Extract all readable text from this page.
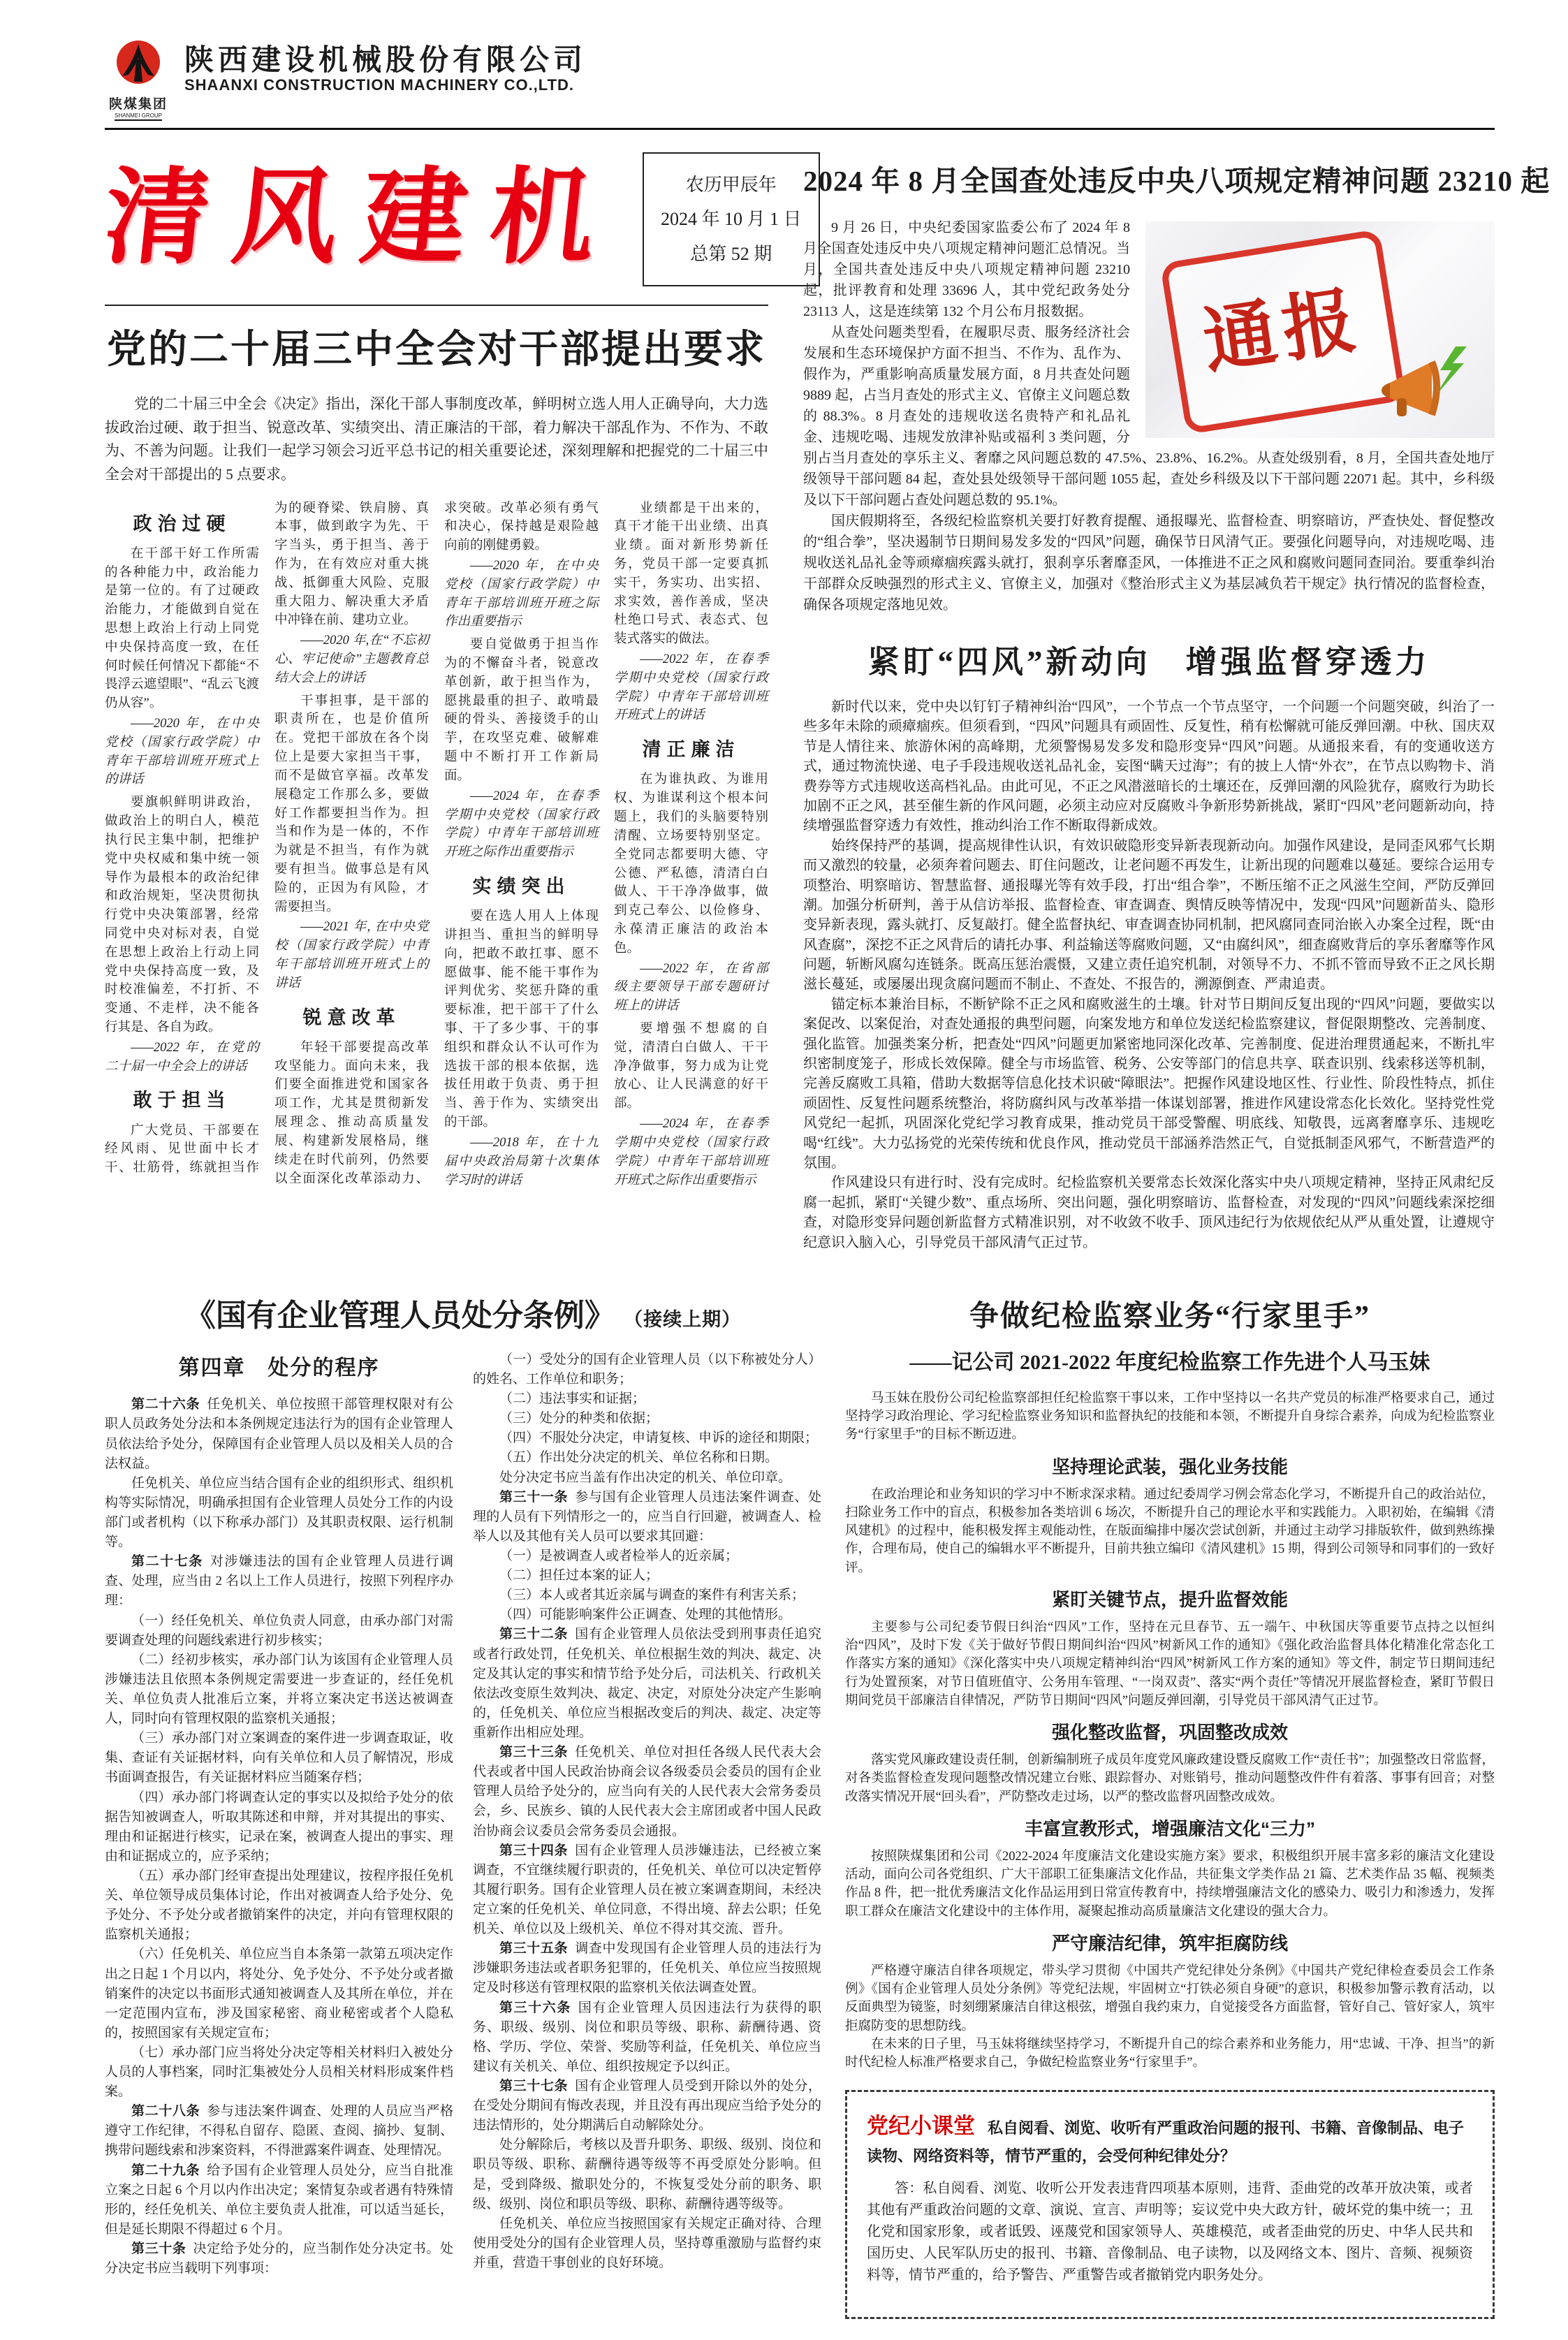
陕煤集团
SHANMEI GROUP
陕西建设机械股份有限公司
SHAANXI CONSTRUCTION MACHINERY CO.,LTD.
清风建机	农历甲辰年
2024 年 10 月 1 日
总第 52 期
党的二十届三中全会对干部提出要求

党的二十届三中全会《决定》指出，深化干部人事制度改革，鲜明树立选人用人正确导向，大力选拔政治过硬、敢于担当、锐意改革、实绩突出、清正廉洁的干部，着力解决干部乱作为、不作为、不敢为、不善为问题。让我们一起学习领会习近平总书记的相关重要论述，深刻理解和把握党的二十届三中全会对干部提出的 5 点要求。

政治过硬

在干部干好工作所需的各种能力中，政治能力是第一位的。有了过硬政治能力，才能做到自觉在思想上政治上行动上同党中央保持高度一致，在任何时候任何情况下都能“不畏浮云遮望眼”、“乱云飞渡仍从容”。

——2020 年，在中央党校（国家行政学院）中青年干部培训班开班式上的讲话

要旗帜鲜明讲政治，做政治上的明白人，模范执行民主集中制，把维护党中央权威和集中统一领导作为最根本的政治纪律和政治规矩，坚决贯彻执行党中央决策部署，经常同党中央对标对表，自觉在思想上政治上行动上同党中央保持高度一致，及时校准偏差，不打折、不变通、不走样，决不能各行其是、各自为政。

——2022 年，在党的二十届一中全会上的讲话

敢于担当

广大党员、干部要在经风雨、见世面中长才干、壮筋骨，练就担当作为的硬脊梁、铁肩膀、真本事，做到敢字为先、干字当头，勇于担当、善于作为，在有效应对重大挑战、抵御重大风险、克服重大阻力、解决重大矛盾中冲锋在前、建功立业。

——2020 年,在“不忘初心、牢记使命”主题教育总结大会上的讲话

干事担事，是干部的职责所在，也是价值所在。党把干部放在各个岗位上是要大家担当干事，而不是做官享福。改革发展稳定工作那么多，要做好工作都要担当作为。担当和作为是一体的，不作为就是不担当，有作为就要有担当。做事总是有风险的，正因为有风险，才需要担当。

——2021 年, 在中央党校（国家行政学院）中青年干部培训班开班式上的讲话

锐意改革

年轻干部要提高改革攻坚能力。面向未来，我们要全面推进党和国家各项工作，尤其是贯彻新发展理念、推动高质量发展、构建新发展格局，继续走在时代前列，仍然要以全面深化改革添动力、求突破。改革必须有勇气和决心，保持越是艰险越向前的刚健勇毅。

——2020 年，在中央党校（国家行政学院）中青年干部培训班开班之际作出重要指示

要自觉做勇于担当作为的不懈奋斗者，锐意改革创新，敢于担当作为，愿挑最重的担子、敢啃最硬的骨头、善接烫手的山芋，在攻坚克难、破解难题中不断打开工作新局面。

——2024 年，在春季学期中央党校（国家行政学院）中青年干部培训班开班之际作出重要指示

实绩突出

要在选人用人上体现讲担当、重担当的鲜明导向，把敢不敢扛事、愿不愿做事、能不能干事作为评判优劣、奖惩升降的重要标准，把干部干了什么事、干了多少事、干的事组织和群众认不认可作为选拔干部的根本依据，选拔任用敢于负责、勇于担当、善于作为、实绩突出的干部。

——2018 年，在十九届中央政治局第十次集体学习时的讲话

业绩都是干出来的，真干才能干出业绩、出真业绩。面对新形势新任务，党员干部一定要真抓实干，务实功、出实招、求实效，善作善成，坚决杜绝口号式、表态式、包装式落实的做法。

——2022 年，在春季学期中央党校（国家行政学院）中青年干部培训班开班式上的讲话

清正廉洁

在为谁执政、为谁用权、为谁谋利这个根本问题上，我们的头脑要特别清醒、立场要特别坚定。全党同志都要明大德、守公德、严私德，清清白白做人、干干净净做事，做到克己奉公、以俭修身、永葆清正廉洁的政治本色。

——2022 年，在省部级主要领导干部专题研讨班上的讲话

要增强不想腐的自觉，清清白白做人、干干净净做事，努力成为让党放心、让人民满意的好干部。

——2024 年，在春季学期中央党校（国家行政学院）中青年干部培训班开班式之际作出重要指示

2024 年 8 月全国查处违反中央八项规定精神问题 23210 起
通报

9 月 26 日，中央纪委国家监委公布了 2024 年 8 月全国查处违反中央八项规定精神问题汇总情况。当月，全国共查处违反中央八项规定精神问题 23210 起，批评教育和处理 33696 人，其中党纪政务处分 23113 人，这是连续第 132 个月公布月报数据。

从查处问题类型看，在履职尽责、服务经济社会发展和生态环境保护方面不担当、不作为、乱作为、假作为，严重影响高质量发展方面，8 月共查处问题 9889 起，占当月查处的形式主义、官僚主义问题总数的 88.3%。8 月查处的违规收送名贵特产和礼品礼金、违规吃喝、违规发放津补贴或福利 3 类问题，分别占当月查处的享乐主义、奢靡之风问题总数的 47.5%、23.8%、16.2%。从查处级别看，8 月，全国共查处地厅级领导干部问题 84 起，查处县处级领导干部问题 1055 起，查处乡科级及以下干部问题 22071 起。其中，乡科级及以下干部问题占查处问题总数的 95.1%。

国庆假期将至，各级纪检监察机关要打好教育提醒、通报曝光、监督检查、明察暗访，严查快处、督促整改的“组合拳”，坚决遏制节日期间易发多发的“四风”问题，确保节日风清气正。要强化问题导向，对违规吃喝、违规收送礼品礼金等顽瘴痼疾露头就打，狠刹享乐奢靡歪风，一体推进不正之风和腐败问题同查同治。要重拳纠治干部群众反映强烈的形式主义、官僚主义，加强对《整治形式主义为基层减负若干规定》执行情况的监督检查，确保各项规定落地见效。

紧盯“四风”新动向　增强监督穿透力

新时代以来，党中央以钉钉子精神纠治“四风”，一个节点一个节点坚守，一个问题一个问题突破，纠治了一些多年未除的顽瘴痼疾。但须看到，“四风”问题具有顽固性、反复性，稍有松懈就可能反弹回潮。中秋、国庆双节是人情往来、旅游休闲的高峰期，尤须警惕易发多发和隐形变异“四风”问题。从通报来看，有的变通收送方式，通过物流快递、电子手段违规收送礼品礼金，妄图“瞒天过海”；有的披上人情“外衣”，在节点以购物卡、消费券等方式违规收送高档礼品。由此可见，不正之风潜滋暗长的土壤还在，反弹回潮的风险犹存，腐败行为助长加剧不正之风，甚至催生新的作风问题，必须主动应对反腐败斗争新形势新挑战，紧盯“四风”老问题新动向，持续增强监督穿透力有效性，推动纠治工作不断取得新成效。

始终保持严的基调，提高规律性认识，有效识破隐形变异新表现新动向。加强作风建设，是同歪风邪气长期而又激烈的较量，必须奔着问题去、盯住问题改，让老问题不再发生，让新出现的问题难以蔓延。要综合运用专项整治、明察暗访、智慧监督、通报曝光等有效手段，打出“组合拳”，不断压缩不正之风滋生空间，严防反弹回潮。加强分析研判，善于从信访举报、监督检查、审查调查、舆情反映等情况中，发现“四风”问题新苗头、隐形变异新表现，露头就打、反复敲打。健全监督执纪、审查调查协同机制，把风腐同查同治嵌入办案全过程，既“由风查腐”，深挖不正之风背后的请托办事、利益输送等腐败问题，又“由腐纠风”，细查腐败背后的享乐奢靡等作风问题，斩断风腐勾连链条。既高压惩治震慑，又建立责任追究机制，对领导不力、不抓不管而导致不正之风长期滋长蔓延，或屡屡出现贪腐问题而不制止、不查处、不报告的，溯源倒查、严肃追责。

锚定标本兼治目标，不断铲除不正之风和腐败滋生的土壤。针对节日期间反复出现的“四风”问题，要做实以案促改、以案促治，对查处通报的典型问题，向案发地方和单位发送纪检监察建议，督促限期整改、完善制度、强化监管。加强类案分析，把查处“四风”问题更加紧密地同深化改革、完善制度、促进治理贯通起来，不断扎牢织密制度笼子，形成长效保障。健全与市场监管、税务、公安等部门的信息共享、联查识别、线索移送等机制，完善反腐败工具箱，借助大数据等信息化技术识破“障眼法”。把握作风建设地区性、行业性、阶段性特点，抓住顽固性、反复性问题系统整治，将防腐纠风与改革举措一体谋划部署，推进作风建设常态化长效化。坚持党性党风党纪一起抓，巩固深化党纪学习教育成果，推动党员干部受警醒、明底线、知敬畏，远离奢靡享乐、违规吃喝“红线”。大力弘扬党的光荣传统和优良作风，推动党员干部涵养浩然正气，自觉抵制歪风邪气，不断营造严的氛围。

作风建设只有进行时、没有完成时。纪检监察机关要常态长效深化落实中央八项规定精神，坚持正风肃纪反腐一起抓，紧盯“关键少数”、重点场所、突出问题，强化明察暗访、监督检查，对发现的“四风”问题线索深挖细查，对隐形变异问题创新监督方式精准识别，对不收敛不收手、顶风违纪行为依规依纪从严从重处置，让遵规守纪意识入脑入心，引导党员干部风清气正过节。

《国有企业管理人员处分条例》 （接续上期）

第四章　处分的程序

第二十六条 任免机关、单位按照干部管理权限对有公职人员政务处分法和本条例规定违法行为的国有企业管理人员依法给予处分，保障国有企业管理人员以及相关人员的合法权益。

任免机关、单位应当结合国有企业的组织形式、组织机构等实际情况，明确承担国有企业管理人员处分工作的内设部门或者机构（以下称承办部门）及其职责权限、运行机制等。

第二十七条 对涉嫌违法的国有企业管理人员进行调查、处理，应当由 2 名以上工作人员进行，按照下列程序办理：

（一）经任免机关、单位负责人同意，由承办部门对需要调查处理的问题线索进行初步核实；

（二）经初步核实，承办部门认为该国有企业管理人员涉嫌违法且依照本条例规定需要进一步查证的，经任免机关、单位负责人批准后立案，并将立案决定书送达被调查人，同时向有管理权限的监察机关通报；

（三）承办部门对立案调查的案件进一步调查取证，收集、查证有关证据材料，向有关单位和人员了解情况，形成书面调查报告，有关证据材料应当随案存档；

（四）承办部门将调查认定的事实以及拟给予处分的依据告知被调查人，听取其陈述和申辩，并对其提出的事实、理由和证据进行核实，记录在案，被调查人提出的事实、理由和证据成立的，应予采纳；

（五）承办部门经审查提出处理建议，按程序报任免机关、单位领导成员集体讨论，作出对被调查人给予处分、免予处分、不予处分或者撤销案件的决定，并向有管理权限的监察机关通报；

（六）任免机关、单位应当自本条第一款第五项决定作出之日起 1 个月以内，将处分、免予处分、不予处分或者撤销案件的决定以书面形式通知被调查人及其所在单位，并在一定范围内宣布，涉及国家秘密、商业秘密或者个人隐私的，按照国家有关规定宣布；

（七）承办部门应当将处分决定等相关材料归入被处分人员的人事档案，同时汇集被处分人员相关材料形成案件档案。

第二十八条 参与违法案件调查、处理的人员应当严格遵守工作纪律，不得私自留存、隐匿、查阅、摘抄、复制、携带问题线索和涉案资料，不得泄露案件调查、处理情况。

第二十九条 给予国有企业管理人员处分，应当自批准立案之日起 6 个月以内作出决定；案情复杂或者遇有特殊情形的，经任免机关、单位主要负责人批准，可以适当延长，但是延长期限不得超过 6 个月。

第三十条 决定给予处分的，应当制作处分决定书。处分决定书应当载明下列事项：

（一）受处分的国有企业管理人员（以下称被处分人）的姓名、工作单位和职务；

（二）违法事实和证据；

（三）处分的种类和依据；

（四）不服处分决定，申请复核、申诉的途径和期限；

（五）作出处分决定的机关、单位名称和日期。

处分决定书应当盖有作出决定的机关、单位印章。

第三十一条 参与国有企业管理人员违法案件调查、处理的人员有下列情形之一的，应当自行回避，被调查人、检举人以及其他有关人员可以要求其回避：

（一）是被调查人或者检举人的近亲属；

（二）担任过本案的证人；

（三）本人或者其近亲属与调查的案件有利害关系；

（四）可能影响案件公正调查、处理的其他情形。

第三十二条 国有企业管理人员依法受到刑事责任追究或者行政处罚，任免机关、单位根据生效的判决、裁定、决定及其认定的事实和情节给予处分后，司法机关、行政机关依法改变原生效判决、裁定、决定，对原处分决定产生影响的，任免机关、单位应当根据改变后的判决、裁定、决定等重新作出相应处理。

第三十三条 任免机关、单位对担任各级人民代表大会代表或者中国人民政治协商会议各级委员会委员的国有企业管理人员给予处分的，应当向有关的人民代表大会常务委员会，乡、民族乡、镇的人民代表大会主席团或者中国人民政治协商会议委员会常务委员会通报。

第三十四条 国有企业管理人员涉嫌违法，已经被立案调查，不宜继续履行职责的，任免机关、单位可以决定暂停其履行职务。国有企业管理人员在被立案调查期间，未经决定立案的任免机关、单位同意，不得出境、辞去公职；任免机关、单位以及上级机关、单位不得对其交流、晋升。

第三十五条 调查中发现国有企业管理人员的违法行为涉嫌职务违法或者职务犯罪的，任免机关、单位应当按照规定及时移送有管理权限的监察机关依法调查处置。

第三十六条 国有企业管理人员因违法行为获得的职务、职级、级别、岗位和职员等级、职称、薪酬待遇、资格、学历、学位、荣誉、奖励等利益，任免机关、单位应当建议有关机关、单位、组织按规定予以纠正。

第三十七条 国有企业管理人员受到开除以外的处分，在受处分期间有悔改表现，并且没有再出现应当给予处分的违法情形的，处分期满后自动解除处分。

处分解除后，考核以及晋升职务、职级、级别、岗位和职员等级、职称、薪酬待遇等级等不再受原处分影响。但是，受到降级、撤职处分的，不恢复受处分前的职务、职级、级别、岗位和职员等级、职称、薪酬待遇等级等。

任免机关、单位应当按照国家有关规定正确对待、合理使用受处分的国有企业管理人员，坚持尊重激励与监督约束并重，营造干事创业的良好环境。

争做纪检监察业务“行家里手”
——记公司 2021-2022 年度纪检监察工作先进个人马玉妹

马玉妹在股份公司纪检监察部担任纪检监察干事以来，工作中坚持以一名共产党员的标准严格要求自己，通过坚持学习政治理论、学习纪检监察业务知识和监督执纪的技能和本领，不断提升自身综合素养，向成为纪检监察业务“行家里手”的目标不断迈进。

坚持理论武装，强化业务技能

在政治理论和业务知识的学习中不断求深求精。通过纪委周学习例会常态化学习，不断提升自己的政治站位，扫除业务工作中的盲点，积极参加各类培训 6 场次，不断提升自己的理论水平和实践能力。入职初始，在编辑《清风建机》的过程中，能积极发挥主观能动性，在版面编排中屡次尝试创新，并通过主动学习排版软件，做到熟练操作，合理布局，使自己的编辑水平不断提升，目前共独立编印《清风建机》15 期，得到公司领导和同事们的一致好评。

紧盯关键节点，提升监督效能

主要参与公司纪委节假日纠治“四风”工作，坚持在元旦春节、五一端午、中秋国庆等重要节点持之以恒纠治“四风”，及时下发《关于做好节假日期间纠治“四风”树新风工作的通知》《强化政治监督具体化精准化常态化工作落实方案的通知》《深化落实中央八项规定精神纠治“四风”树新风工作方案的通知》等文件，制定节日期间违纪行为处置预案，对节日值班值守、公务用车管理、“一岗双责”、落实“两个责任”等情况开展监督检查，紧盯节假日期间党员干部廉洁自律情况，严防节日期间“四风”问题反弹回潮，引导党员干部风清气正过节。

强化整改监督，巩固整改成效

落实党风廉政建设责任制，创新编制班子成员年度党风廉政建设暨反腐败工作“责任书”；加强整改日常监督，对各类监督检查发现问题整改情况建立台账、跟踪督办、对账销号，推动问题整改件件有着落、事事有回音；对整改落实情况开展“回头看”，严防整改走过场，以严的整改监督巩固整改成效。

丰富宣教形式，增强廉洁文化“三力”

按照陕煤集团和公司《2022-2024 年度廉洁文化建设实施方案》要求，积极组织开展丰富多彩的廉洁文化建设活动，面向公司各党组织、广大干部职工征集廉洁文化作品，共征集文学类作品 21 篇、艺术类作品 35 幅、视频类作品 8 件，把一批优秀廉洁文化作品运用到日常宣传教育中，持续增强廉洁文化的感染力、吸引力和渗透力，发挥职工群众在廉洁文化建设中的主体作用，凝聚起推动高质量廉洁文化建设的强大合力。

严守廉洁纪律，筑牢拒腐防线

严格遵守廉洁自律各项规定，带头学习贯彻《中国共产党纪律处分条例》《中国共产党纪律检查委员会工作条例》《国有企业管理人员处分条例》等党纪法规，牢固树立“打铁必须自身硬”的意识，积极参加警示教育活动，以反面典型为镜鉴，时刻绷紧廉洁自律这根弦，增强自我约束力，自觉接受各方面监督，管好自己、管好家人，筑牢拒腐防变的思想防线。

在未来的日子里，马玉妹将继续坚持学习，不断提升自己的综合素养和业务能力，用“忠诚、干净、担当”的新时代纪检人标准严格要求自己，争做纪检监察业务“行家里手”。

党纪小课堂 私自阅看、浏览、收听有严重政治问题的报刊、书籍、音像制品、电子读物、网络资料等，情节严重的，会受何种纪律处分？

答：私自阅看、浏览、收听公开发表违背四项基本原则，违背、歪曲党的改革开放决策，或者其他有严重政治问题的文章、演说、宣言、声明等；妄议党中央大政方针，破坏党的集中统一；丑化党和国家形象，或者诋毁、诬蔑党和国家领导人、英雄模范，或者歪曲党的历史、中华人民共和国历史、人民军队历史的报刊、书籍、音像制品、电子读物，以及网络文本、图片、音频、视频资料等，情节严重的，给予警告、严重警告或者撤销党内职务处分。
